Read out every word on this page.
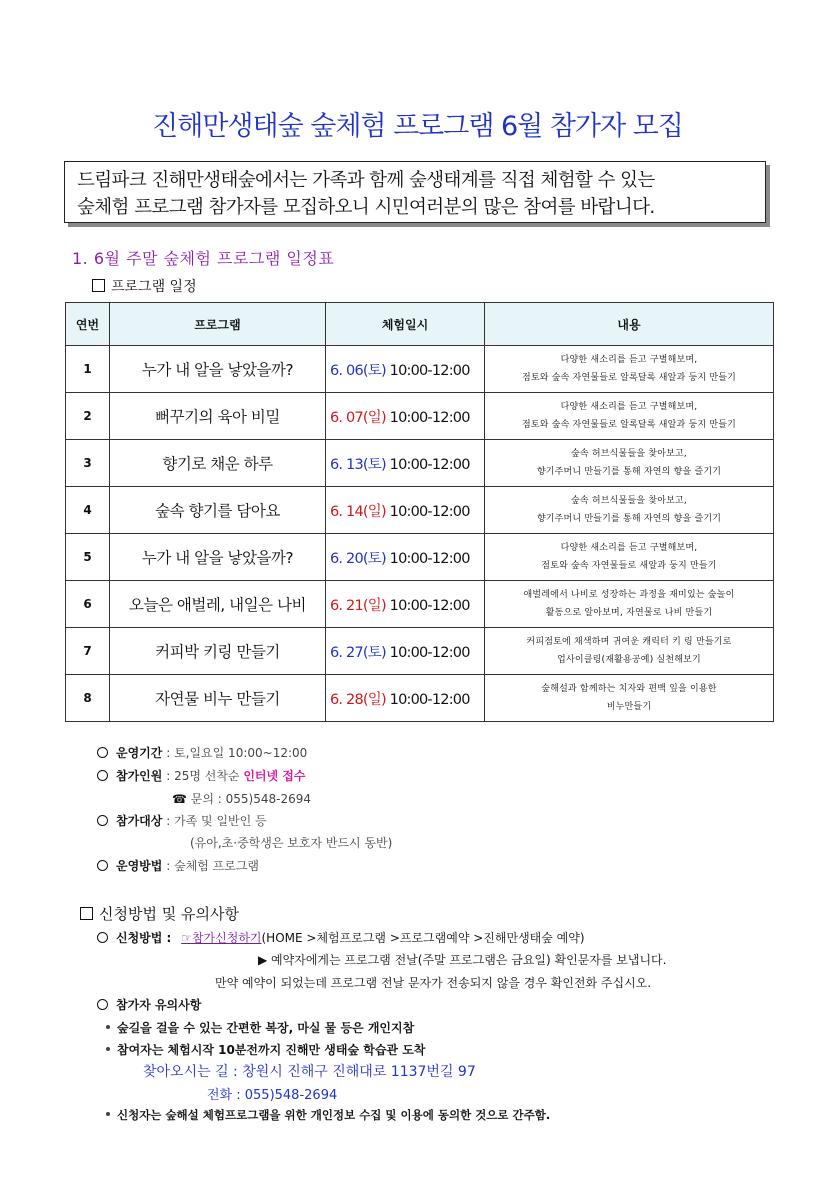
진해만생태숲 숲체험 프로그램 6월 참가자 모집
드림파크 진해만생태숲에서는 가족과 함께 숲생태계를 직접 체험할 수 있는
숲체험 프로그램 참가자를 모집하오니 시민여러분의 많은 참여를 바랍니다.
1. 6월 주말 숲체험 프로그램 일정표
프로그램 일정
연번	프로그램	체험일시	내용
1	누가 내 알을 낳았을까?	6. 06(토) 10:00-12:00	다양한 새소리를 듣고 구별해보며,
점토와 숲속 자연물들로 알록달록 새알과 둥지 만들기

2	뻐꾸기의 육아 비밀	6. 07(일) 10:00-12:00	다양한 새소리를 듣고 구별해보며,
점토와 숲속 자연물들로 알록달록 새알과 둥지 만들기

3	향기로 채운 하루	6. 13(토) 10:00-12:00	숲속 허브식물들을 찾아보고,
향기주머니 만들기를 통해 자연의 향을 즐기기

4	숲속 향기를 담아요	6. 14(일) 10:00-12:00	숲속 허브식물들을 찾아보고,
향기주머니 만들기를 통해 자연의 향을 즐기기

5	누가 내 알을 낳았을까?	6. 20(토) 10:00-12:00	다양한 새소리를 듣고 구별해보며,
점토와 숲속 자연물들로 새알과 둥지 만들기

6	오늘은 애벌레, 내일은 나비	6. 21(일) 10:00-12:00	애벌레에서 나비로 성장하는 과정을 재미있는 숲놀이
활동으로 알아보며, 자연물로 나비 만들기

7	커피박 키링 만들기	6. 27(토) 10:00-12:00	커피점토에 채색하며 귀여운 캐릭터 키 링 만들기로
업사이클링(재활용공예) 실천해보기

8	자연물 비누 만들기	6. 28(일) 10:00-12:00	숲해설과 함께하는 치자와 편백 잎을 이용한
비누만들기
운영기간 : 토,일요일 10:00~12:00
참가인원 : 25명 선착순 인터넷 접수
☎ 문의 : 055)548-2694
참가대상 : 가족 및 일반인 등
(유아,초·중학생은 보호자 반드시 동반)
운영방법 : 숲체험 프로그램
신청방법 및 유의사항
신청방법 : ☞참가신청하기(HOME >체험프로그램 >프로그램예약 >진해만생태숲 예약)
▶ 예약자에게는 프로그램 전날(주말 프로그램은 금요일) 확인문자를 보냅니다.
만약 예약이 되었는데 프로그램 전날 문자가 전송되지 않을 경우 확인전화 주십시오.
참가자 유의사항
숲길을 걸을 수 있는 간편한 복장, 마실 물 등은 개인지참
참여자는 체험시작 10분전까지 진해만 생태숲 학습관 도착
찾아오시는 길 : 창원시 진해구 진해대로 1137번길 97
전화 : 055)548-2694
신청자는 숲해설 체험프로그램을 위한 개인정보 수집 및 이용에 동의한 것으로 간주함.
